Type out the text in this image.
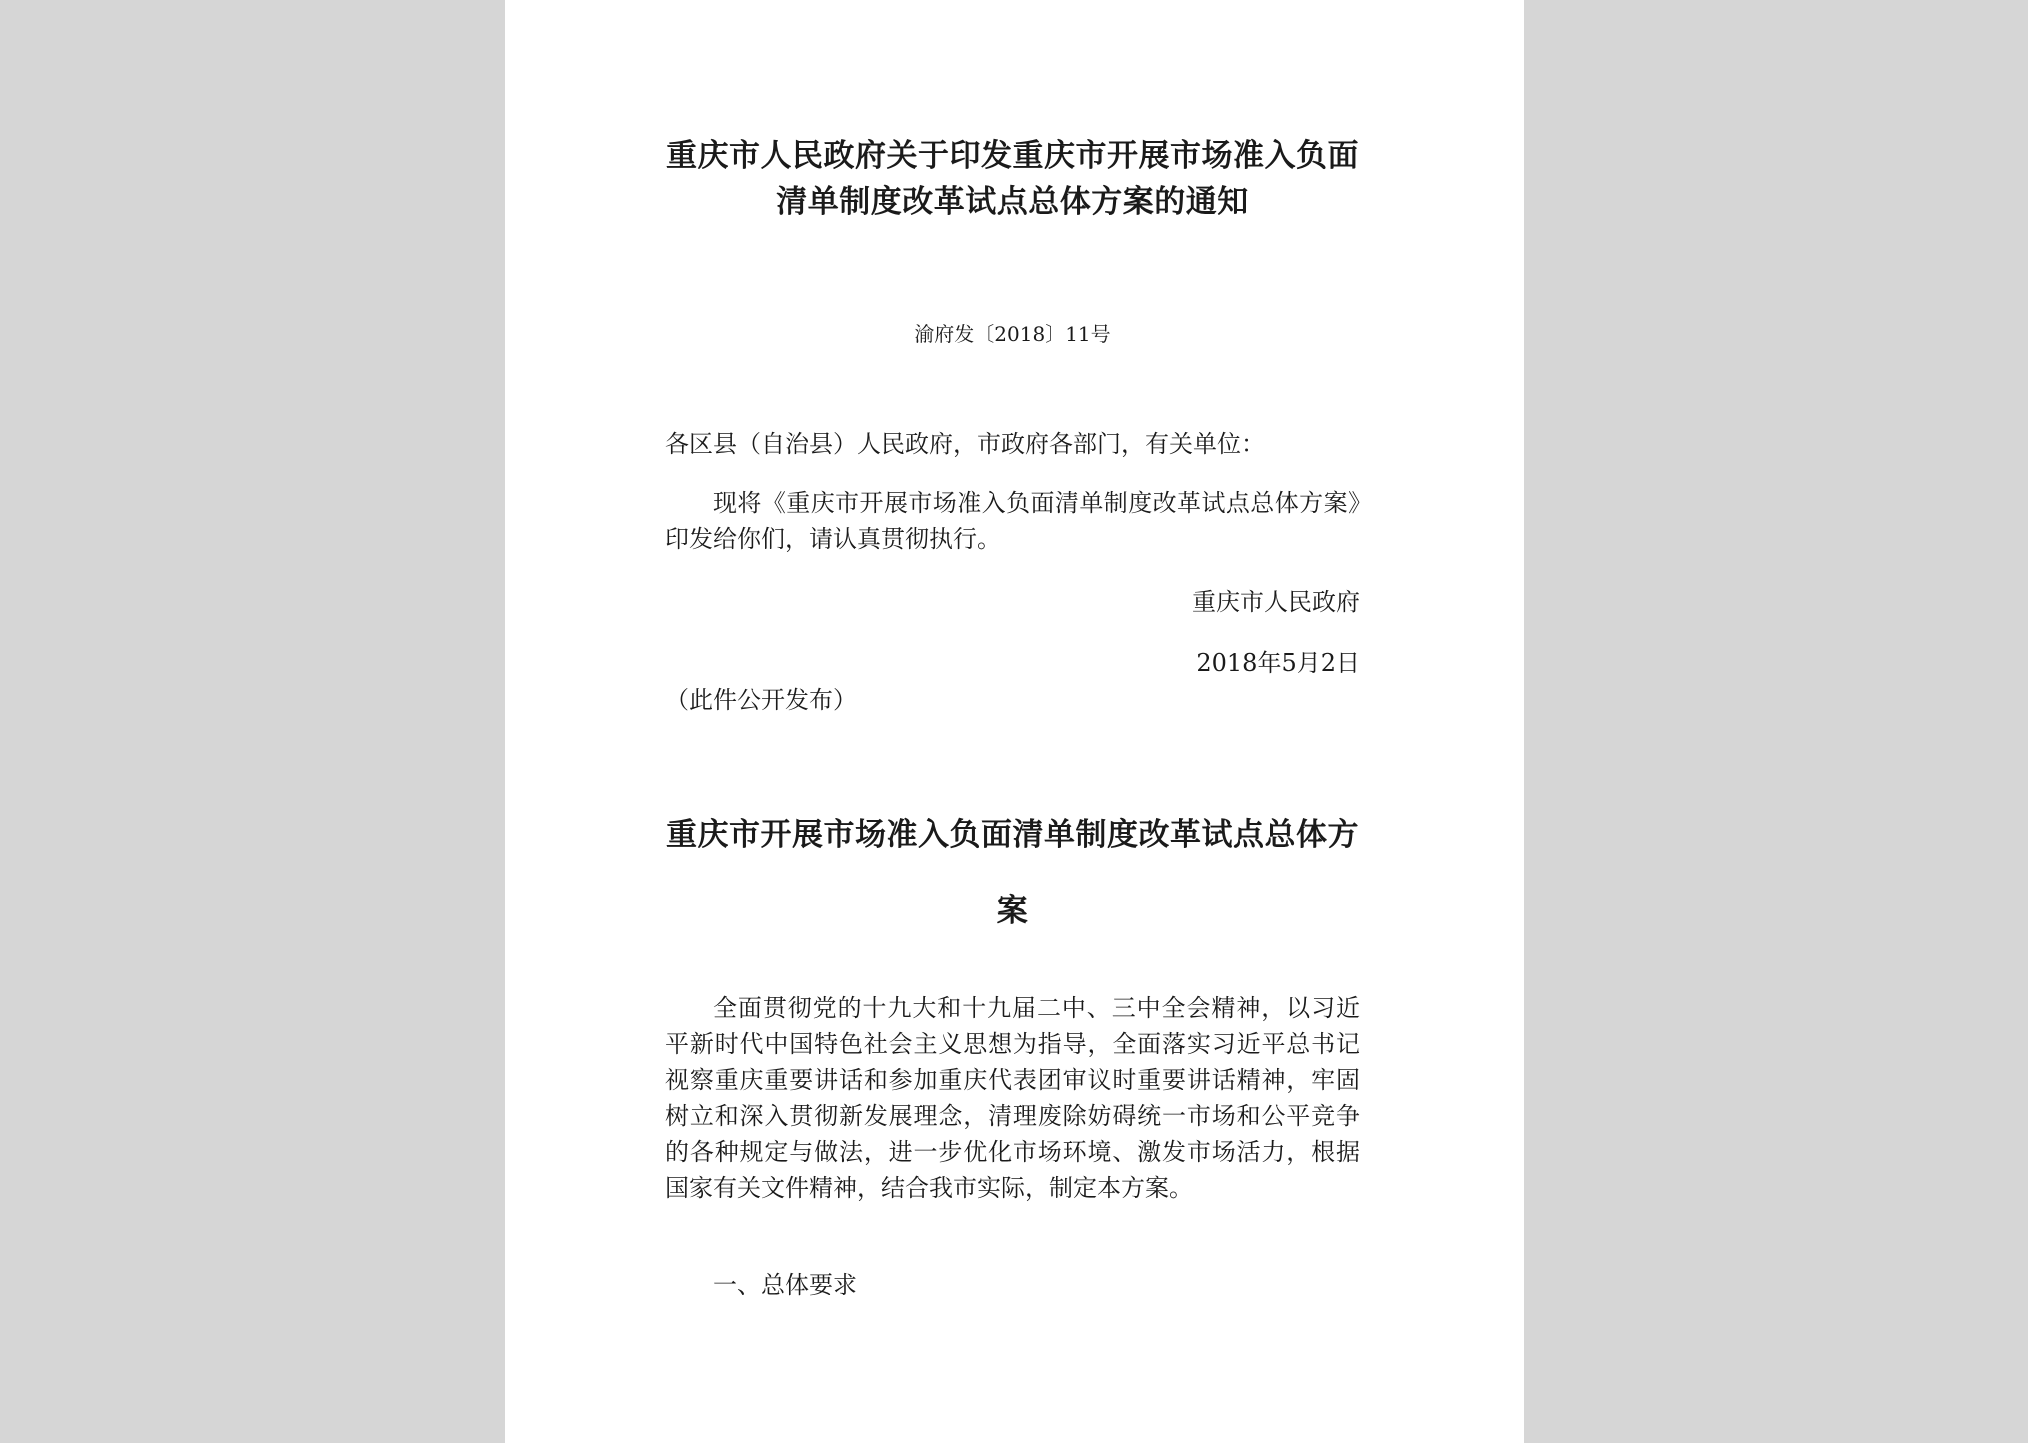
重庆市人民政府关于印发重庆市开展市场准入负面清单制度改革试点总体方案的通知
渝府发〔2018〕11号

各区县（自治县）人民政府，市政府各部门，有关单位：

现将《重庆市开展市场准入负面清单制度改革试点总体方案》印发给你们，请认真贯彻执行。

重庆市人民政府
2018年5月2日
（此件公开发布）
重庆市开展市场准入负面清单制度改革试点总体方案

全面贯彻党的十九大和十九届二中、三中全会精神，以习近平新时代中国特色社会主义思想为指导，全面落实习近平总书记视察重庆重要讲话和参加重庆代表团审议时重要讲话精神，牢固树立和深入贯彻新发展理念，清理废除妨碍统一市场和公平竞争的各种规定与做法，进一步优化市场环境、激发市场活力，根据国家有关文件精神，结合我市实际，制定本方案。

一、总体要求
